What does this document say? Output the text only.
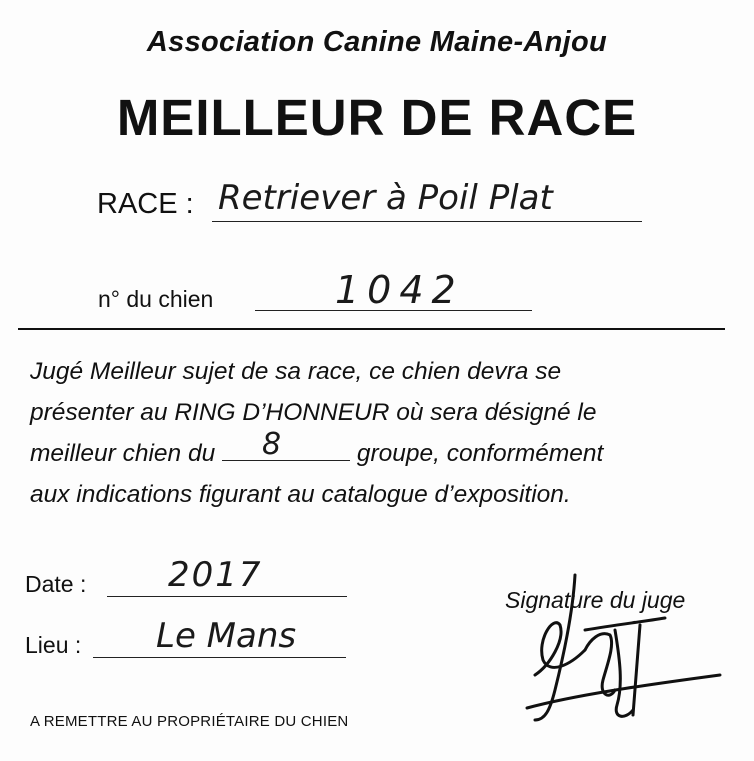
Association Canine Maine-Anjou
MEILLEUR DE RACE
RACE : Retriever à Poil Plat
n° du chien	1042

Jugé Meilleur sujet de sa race, ce chien devra se

présenter au RING D’HONNEUR où sera désigné le

meilleur chien du 8	groupe, conformément

aux indications figurant au catalogue d’exposition.

Date : 2017
Lieu : Le Mans
Signature du juge
A REMETTRE AU PROPRIÉTAIRE DU CHIEN
